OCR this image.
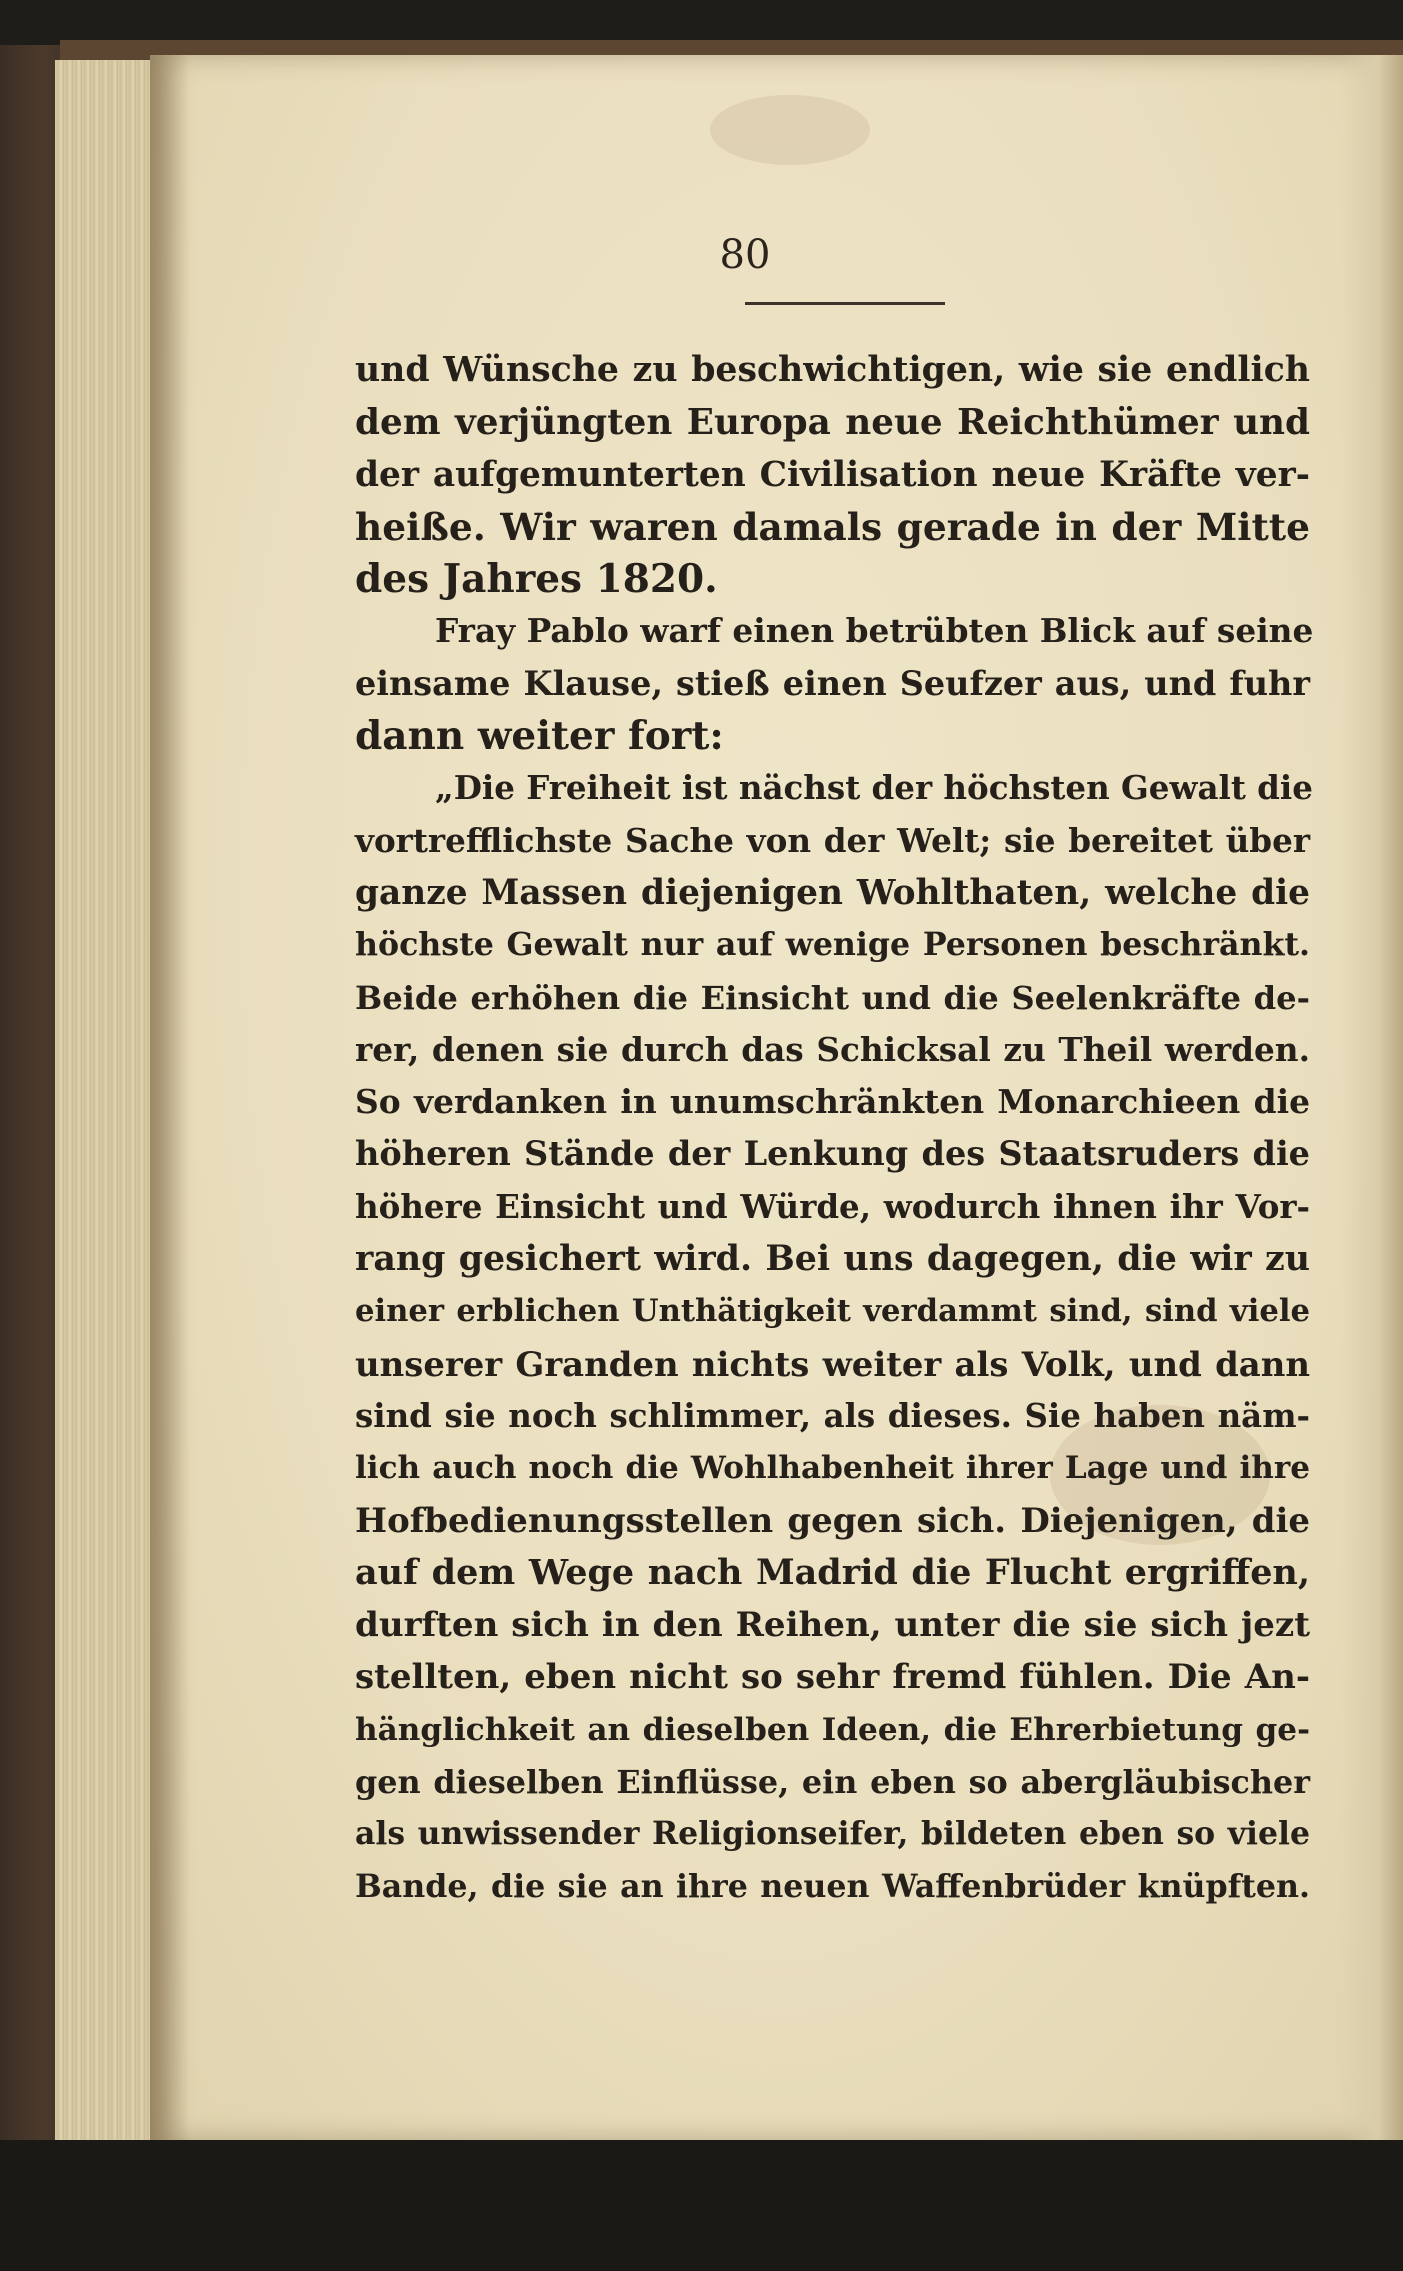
80
und Wünsche zu beschwichtigen, wie sie endlich
dem verjüngten Europa neue Reichthümer und
der aufgemunterten Civilisation neue Kräfte ver-
heiße. Wir waren damals gerade in der Mitte
des Jahres 1820.
Fray Pablo warf einen betrübten Blick auf seine
einsame Klause, stieß einen Seufzer aus, und fuhr
dann weiter fort:
„Die Freiheit ist nächst der höchsten Gewalt die
vortrefflichste Sache von der Welt; sie bereitet über
ganze Massen diejenigen Wohlthaten, welche die
höchste Gewalt nur auf wenige Personen beschränkt.
Beide erhöhen die Einsicht und die Seelenkräfte de-
rer, denen sie durch das Schicksal zu Theil werden.
So verdanken in unumschränkten Monarchieen die
höheren Stände der Lenkung des Staatsruders die
höhere Einsicht und Würde, wodurch ihnen ihr Vor-
rang gesichert wird. Bei uns dagegen, die wir zu
einer erblichen Unthätigkeit verdammt sind, sind viele
unserer Granden nichts weiter als Volk, und dann
sind sie noch schlimmer, als dieses. Sie haben näm-
lich auch noch die Wohlhabenheit ihrer Lage und ihre
Hofbedienungsstellen gegen sich. Diejenigen, die
auf dem Wege nach Madrid die Flucht ergriffen,
durften sich in den Reihen, unter die sie sich jezt
stellten, eben nicht so sehr fremd fühlen. Die An-
hänglichkeit an dieselben Ideen, die Ehrerbietung ge-
gen dieselben Einflüsse, ein eben so abergläubischer
als unwissender Religionseifer, bildeten eben so viele
Bande, die sie an ihre neuen Waffenbrüder knüpften.
